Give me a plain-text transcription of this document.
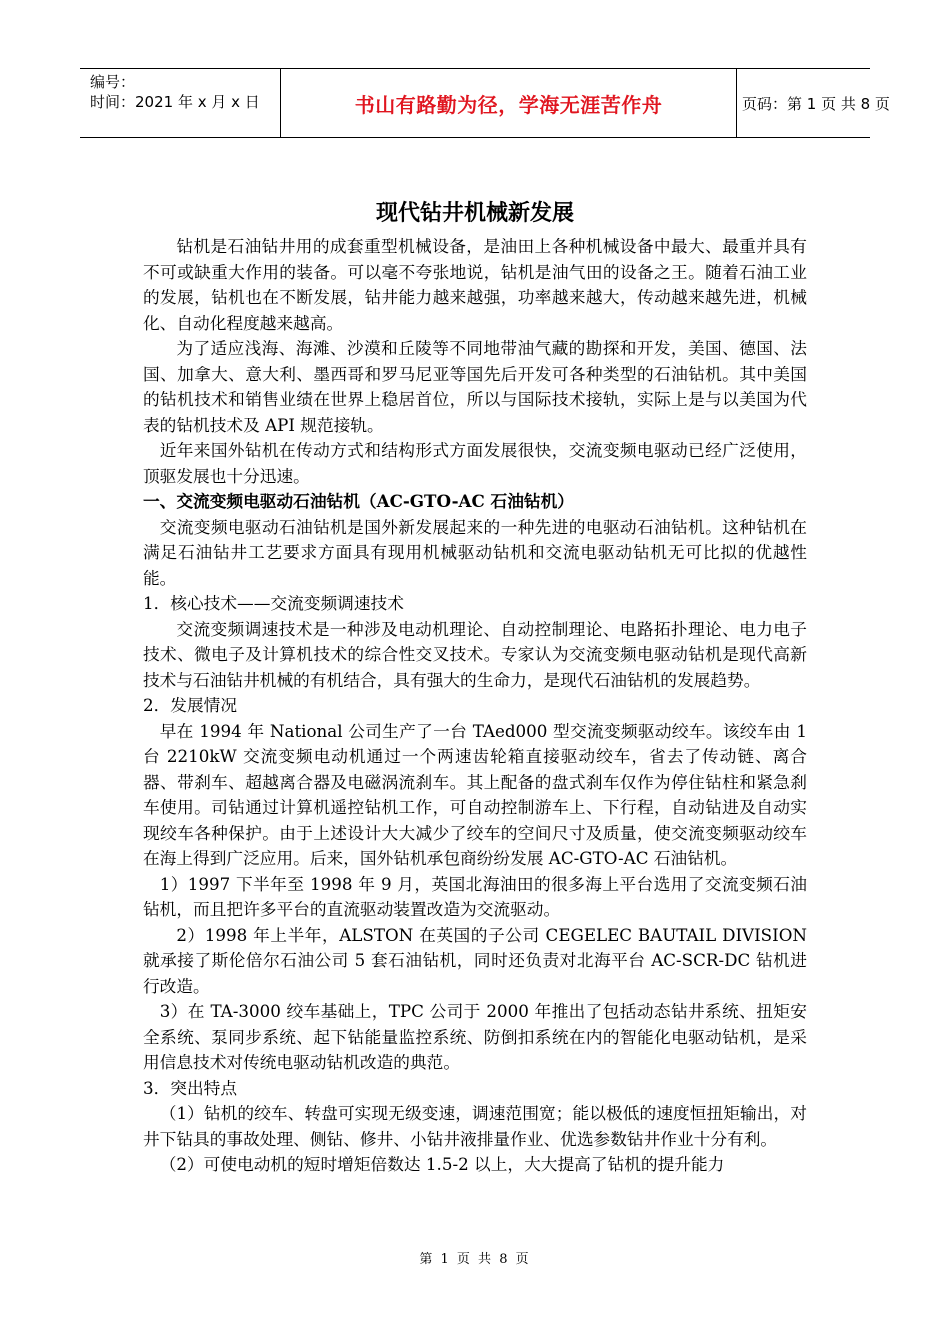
编号：
时间：2021 年 x 月 x 日	书山有路勤为径，学海无涯苦作舟	页码：第 1 页 共 8 页
现代钻井机械新发展

钻机是石油钻井用的成套重型机械设备，是油田上各种机械设备中最大、最重并具有不可或缺重大作用的装备。可以毫不夸张地说，钻机是油气田的设备之王。随着石油工业的发展，钻机也在不断发展，钻井能力越来越强，功率越来越大，传动越来越先进，机械化、自动化程度越来越高。

为了适应浅海、海滩、沙漠和丘陵等不同地带油气藏的勘探和开发，美国、德国、法国、加拿大、意大利、墨西哥和罗马尼亚等国先后开发可各种类型的石油钻机。其中美国的钻机技术和销售业绩在世界上稳居首位，所以与国际技术接轨，实际上是与以美国为代表的钻机技术及 API 规范接轨。

近年来国外钻机在传动方式和结构形式方面发展很快，交流变频电驱动已经广泛使用，顶驱发展也十分迅速。

一、交流变频电驱动石油钻机（AC-GTO-AC 石油钻机）

交流变频电驱动石油钻机是国外新发展起来的一种先进的电驱动石油钻机。这种钻机在满足石油钻井工艺要求方面具有现用机械驱动钻机和交流电驱动钻机无可比拟的优越性能。

1．核心技术——交流变频调速技术

交流变频调速技术是一种涉及电动机理论、自动控制理论、电路拓扑理论、电力电子技术、微电子及计算机技术的综合性交叉技术。专家认为交流变频电驱动钻机是现代高新技术与石油钻井机械的有机结合，具有强大的生命力，是现代石油钻机的发展趋势。

2．发展情况

早在 1994 年 National 公司生产了一台 TAed000 型交流变频驱动绞车。该绞车由 1 台 2210kW 交流变频电动机通过一个两速齿轮箱直接驱动绞车，省去了传动链、离合器、带刹车、超越离合器及电磁涡流刹车。其上配备的盘式刹车仅作为停住钻柱和紧急刹车使用。司钻通过计算机遥控钻机工作，可自动控制游车上、下行程，自动钻进及自动实现绞车各种保护。由于上述设计大大减少了绞车的空间尺寸及质量，使交流变频驱动绞车在海上得到广泛应用。后来，国外钻机承包商纷纷发展 AC-GTO-AC 石油钻机。

1）1997 下半年至 1998 年 9 月，英国北海油田的很多海上平台选用了交流变频石油钻机，而且把许多平台的直流驱动装置改造为交流驱动。

2）1998 年上半年，ALSTON 在英国的子公司 CEGELEC BAUTAIL DIVISION 就承接了斯伦倍尔石油公司 5 套石油钻机，同时还负责对北海平台 AC-SCR-DC 钻机进行改造。

3）在 TA-3000 绞车基础上，TPC 公司于 2000 年推出了包括动态钻井系统、扭矩安全系统、泵同步系统、起下钻能量监控系统、防倒扣系统在内的智能化电驱动钻机，是采用信息技术对传统电驱动钻机改造的典范。

3．突出特点

（1）钻机的绞车、转盘可实现无级变速，调速范围宽；能以极低的速度恒扭矩输出，对井下钻具的事故处理、侧钻、修井、小钻井液排量作业、优选参数钻井作业十分有利。

（2）可使电动机的短时增矩倍数达 1.5-2 以上，大大提高了钻机的提升能力

第 1 页 共 8 页
